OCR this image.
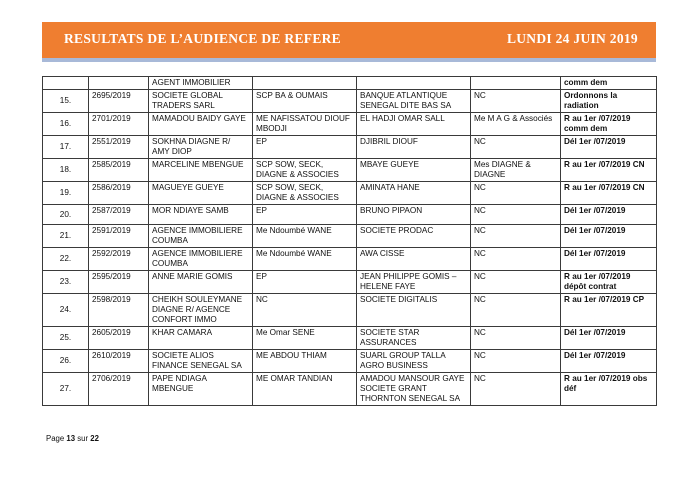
RESULTATS DE L’AUDIENCE DE REFERE	LUNDI 24 JUIN 2019
		AGENT IMMOBILIER				comm dem
15.	2695/2019	SOCIETE GLOBAL TRADERS SARL	SCP BA & OUMAIS	BANQUE ATLANTIQUE SENEGAL DITE BAS SA	NC	Ordonnons la radiation
16.	2701/2019	MAMADOU BAIDY GAYE	ME NAFISSATOU DIOUF MBODJI	EL HADJI OMAR SALL	Me M A G & Associés	R au 1er /07/2019 comm dem
17.	2551/2019	SOKHNA DIAGNE R/ AMY DIOP	EP	DJIBRIL DIOUF	NC	Dél 1er /07/2019
18.	2585/2019	MARCELINE MBENGUE	SCP SOW, SECK, DIAGNE & ASSOCIES	MBAYE GUEYE	Mes DIAGNE & DIAGNE	R au 1er /07/2019 CN
19.	2586/2019	MAGUEYE GUEYE	SCP SOW, SECK, DIAGNE & ASSOCIES	AMINATA HANE	NC	R au 1er /07/2019 CN
20.	2587/2019	MOR NDIAYE SAMB	EP	BRUNO PIPAON	NC	Dél 1er /07/2019
21.	2591/2019	AGENCE IMMOBILIERE COUMBA	Me Ndoumbé WANE	SOCIETE PRODAC	NC	Dél 1er /07/2019
22.	2592/2019	AGENCE IMMOBILIERE COUMBA	Me Ndoumbé WANE	AWA CISSE	NC	Dél 1er /07/2019
23.	2595/2019	ANNE MARIE GOMIS	EP	JEAN PHILIPPE GOMIS – HELENE FAYE	NC	R au 1er /07/2019 dépôt contrat
24.	2598/2019	CHEIKH SOULEYMANE DIAGNE R/ AGENCE CONFORT IMMO	NC	SOCIETE DIGITALIS	NC	R au 1er /07/2019 CP
25.	2605/2019	KHAR CAMARA	Me Omar SENE	SOCIETE STAR ASSURANCES	NC	Dél 1er /07/2019
26.	2610/2019	SOCIETE ALIOS FINANCE SENEGAL SA	ME ABDOU THIAM	SUARL GROUP TALLA AGRO BUSINESS	NC	Dél 1er /07/2019
27.	2706/2019	PAPE NDIAGA MBENGUE	ME OMAR TANDIAN	AMADOU MANSOUR GAYE SOCIETE GRANT THORNTON SENEGAL SA	NC	R au 1er /07/2019 obs déf
Page 13 sur 22
